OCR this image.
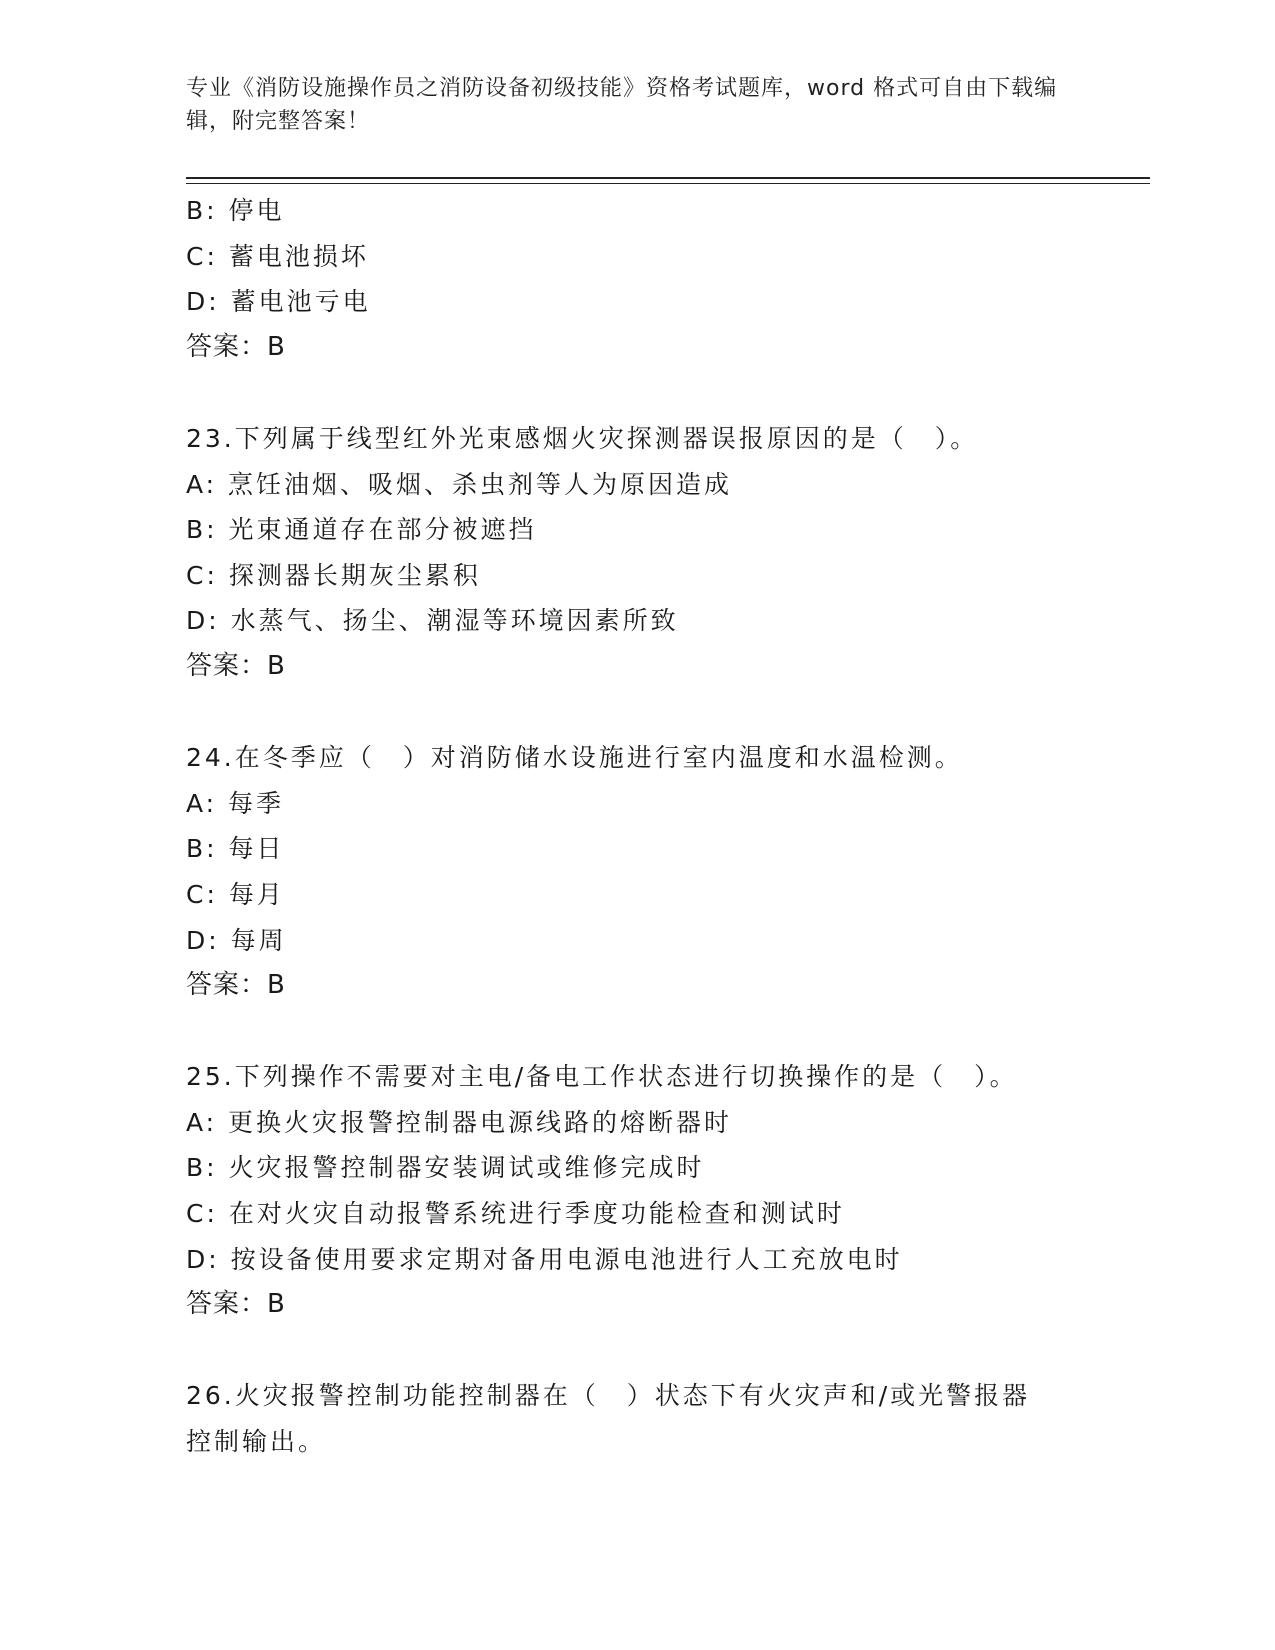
专业《消防设施操作员之消防设备初级技能》资格考试题库，word 格式可自由下载编辑，附完整答案！
B: 停电
C: 蓄电池损坏
D: 蓄电池亏电
答案：B
23.下列属于线型红外光束感烟火灾探测器误报原因的是（　）。
A: 烹饪油烟、吸烟、杀虫剂等人为原因造成
B: 光束通道存在部分被遮挡
C: 探测器长期灰尘累积
D: 水蒸气、扬尘、潮湿等环境因素所致
答案：B
24.在冬季应（　）对消防储水设施进行室内温度和水温检测。
A: 每季
B: 每日
C: 每月
D: 每周
答案：B
25.下列操作不需要对主电/备电工作状态进行切换操作的是（　）。
A: 更换火灾报警控制器电源线路的熔断器时
B: 火灾报警控制器安装调试或维修完成时
C: 在对火灾自动报警系统进行季度功能检查和测试时
D: 按设备使用要求定期对备用电源电池进行人工充放电时
答案：B
26.火灾报警控制功能控制器在（　）状态下有火灾声和/或光警报器控制输出。
